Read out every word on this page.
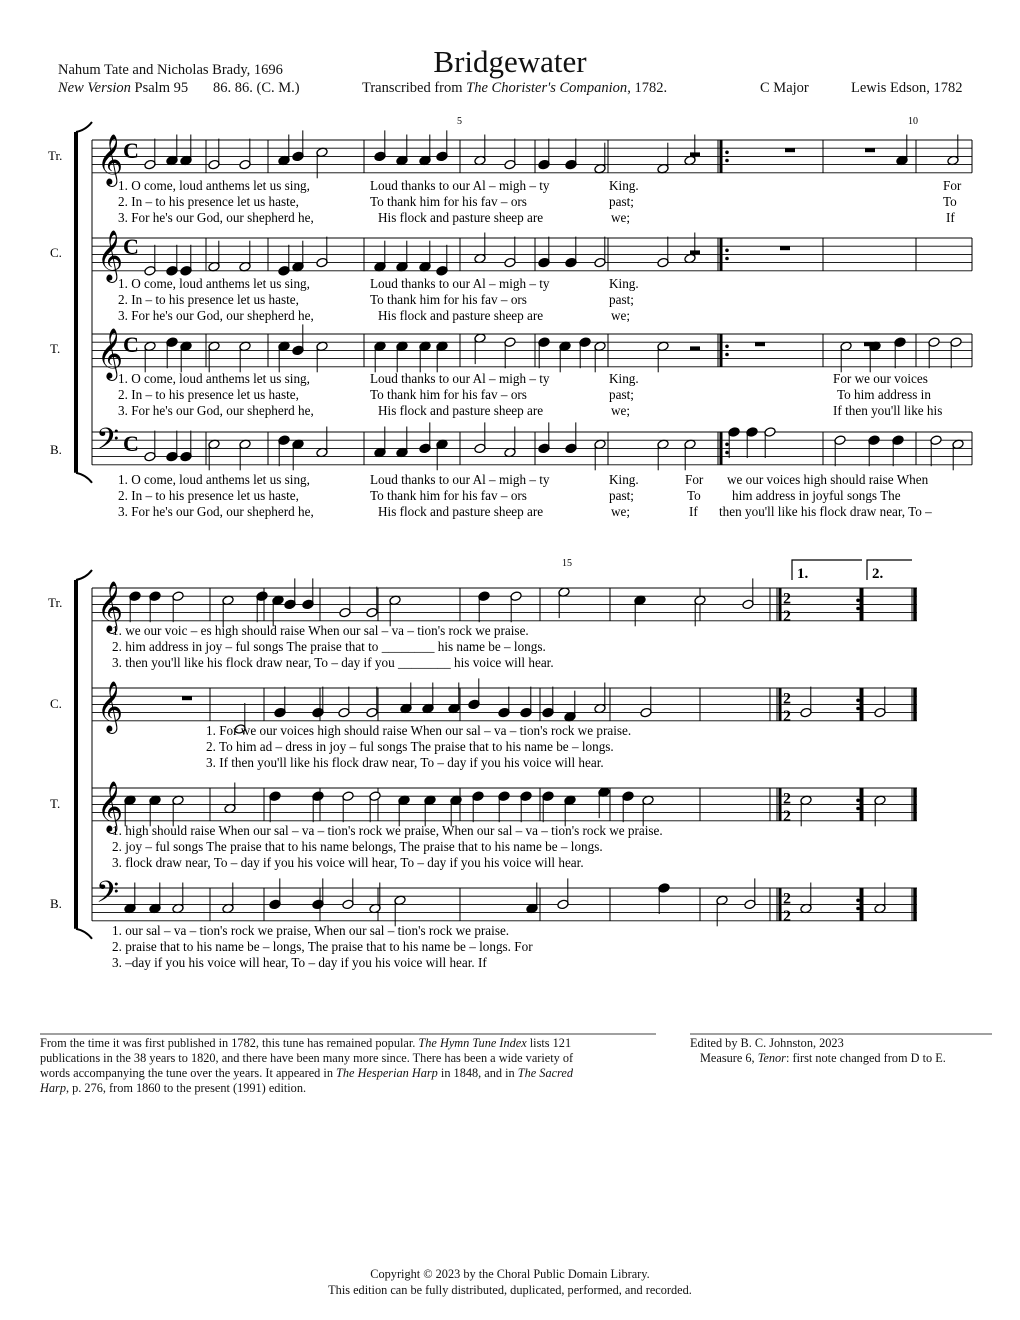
Bridgewater
Nahum Tate and Nicholas Brady, 1696
New Version Psalm 95 86. 86. (C. M.)	Transcribed from The Chorister's Companion, 1782.	C Major	Lewis Edson, 1782
2
2
2
2
2
2
2
2
Tr.
C.
T.
B.
Tr.
C.
T.
B.
5	10
15
1.	2.
𝄞
𝄞
𝄞
𝄢
𝄞
𝄞
𝄞
𝄢
C
C
C
C
1. O come, loud anthems let us sing,	Loud thanks to our Al – migh – ty	King.	For
2. In – to his presence let us haste,	To thank him for his fav – ors	past;	To
3. For he's our God, our shepherd he,	His flock and pasture sheep are	we;	If
1. O come, loud anthems let us sing,	Loud thanks to our Al – migh – ty	King.
2. In – to his presence let us haste,	To thank him for his fav – ors	past;
3. For he's our God, our shepherd he,	His flock and pasture sheep are	we;
1. O come, loud anthems let us sing,	Loud thanks to our Al – migh – ty	King.	For we our voices
2. In – to his presence let us haste,	To thank him for his fav – ors	past;	To him address in
3. For he's our God, our shepherd he,	His flock and pasture sheep are	we;	If then you'll like his
1. O come, loud anthems let us sing,	Loud thanks to our Al – migh – ty	King.	For we our voices high should raise When
2. In – to his presence let us haste,	To thank him for his fav – ors	past;	To him address in joyful songs The
3. For he's our God, our shepherd he,	His flock and pasture sheep are	we;	If then you'll like his flock draw near, To –
1. we our voic – es high should raise When our sal – va – tion's rock we praise.
2. him address in joy – ful songs The praise that to ________ his name be – longs.
3. then you'll like his flock draw near, To – day if you ________ his voice will hear.
1. For we our voices high should raise When our sal – va – tion's rock we praise.
2. To him ad – dress in joy – ful songs The praise that to his name be – longs.
3. If then you'll like his flock draw near, To – day if you his voice will hear.
1. high should raise When our sal – va – tion's rock we praise, When our sal – va – tion's rock we praise.
2. joy – ful songs The praise that to his name belongs, The praise that to his name be – longs.
3. flock draw near, To – day if you his voice will hear, To – day if you his voice will hear.
1. our sal – va – tion's rock we praise, When our sal – tion's rock we praise.
2. praise that to his name be – longs, The praise that to his name be – longs. For
3. –day if you his voice will hear, To – day if you his voice will hear. If
From the time it was first published in 1782, this tune has remained popular. The Hymn Tune Index lists 121
publications in the 38 years to 1820, and there have been many more since. There has been a wide variety of
words accompanying the tune over the years. It appeared in The Hesperian Harp in 1848, and in The Sacred
Harp, p. 276, from 1860 to the present (1991) edition.
Edited by B. C. Johnston, 2023
Measure 6, Tenor: first note changed from D to E.
Copyright © 2023 by the Choral Public Domain Library.
This edition can be fully distributed, duplicated, performed, and recorded.
